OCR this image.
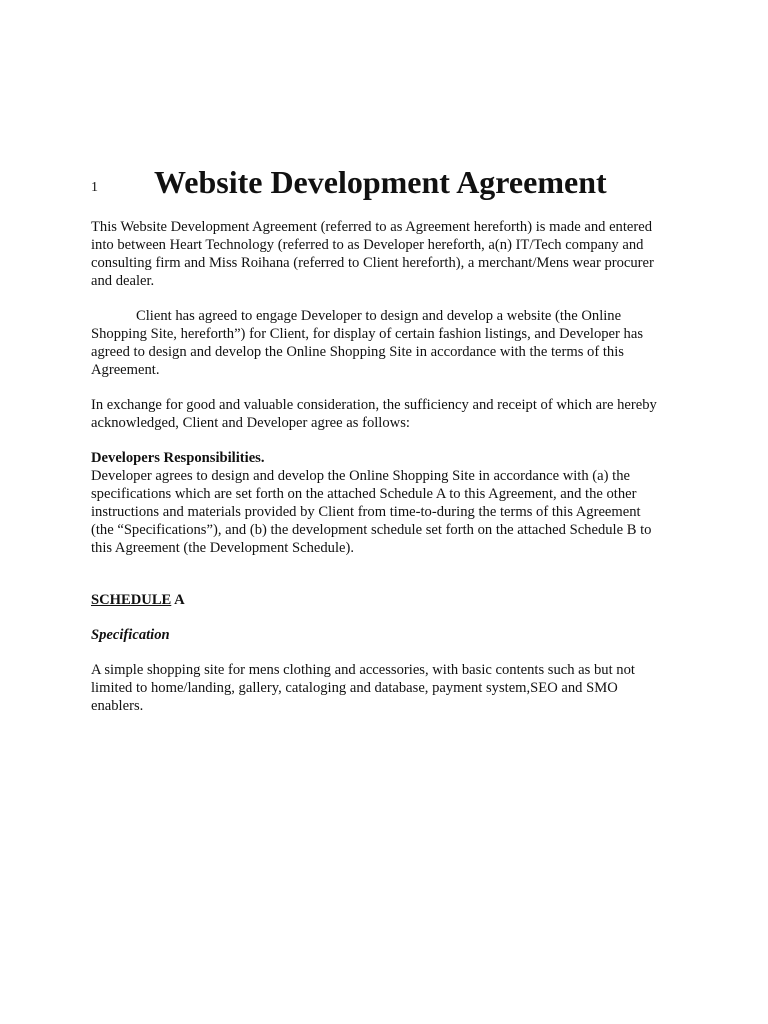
1 Website Development Agreement

This Website Development Agreement (referred to as Agreement hereforth) is made and entered
into between Heart Technology (referred to as Developer hereforth, a(n) IT/Tech company and
consulting firm and Miss Roihana (referred to Client hereforth), a merchant/Mens wear procurer
and dealer.

Client has agreed to engage Developer to design and develop a website (the Online
Shopping Site, hereforth”) for Client, for display of certain fashion listings, and Developer has
agreed to design and develop the Online Shopping Site in accordance with the terms of this
Agreement.

In exchange for good and valuable consideration, the sufficiency and receipt of which are hereby
acknowledged, Client and Developer agree as follows:

Developers Responsibilities.
Developer agrees to design and develop the Online Shopping Site in accordance with (a) the
specifications which are set forth on the attached Schedule A to this Agreement, and the other
instructions and materials provided by Client from time-to-during the terms of this Agreement
(the “Specifications”), and (b) the development schedule set forth on the attached Schedule B to
this Agreement (the Development Schedule).

SCHEDULE A

Specification

A simple shopping site for mens clothing and accessories, with basic contents such as but not
limited to home/landing, gallery, cataloging and database, payment system,SEO and SMO
enablers.
